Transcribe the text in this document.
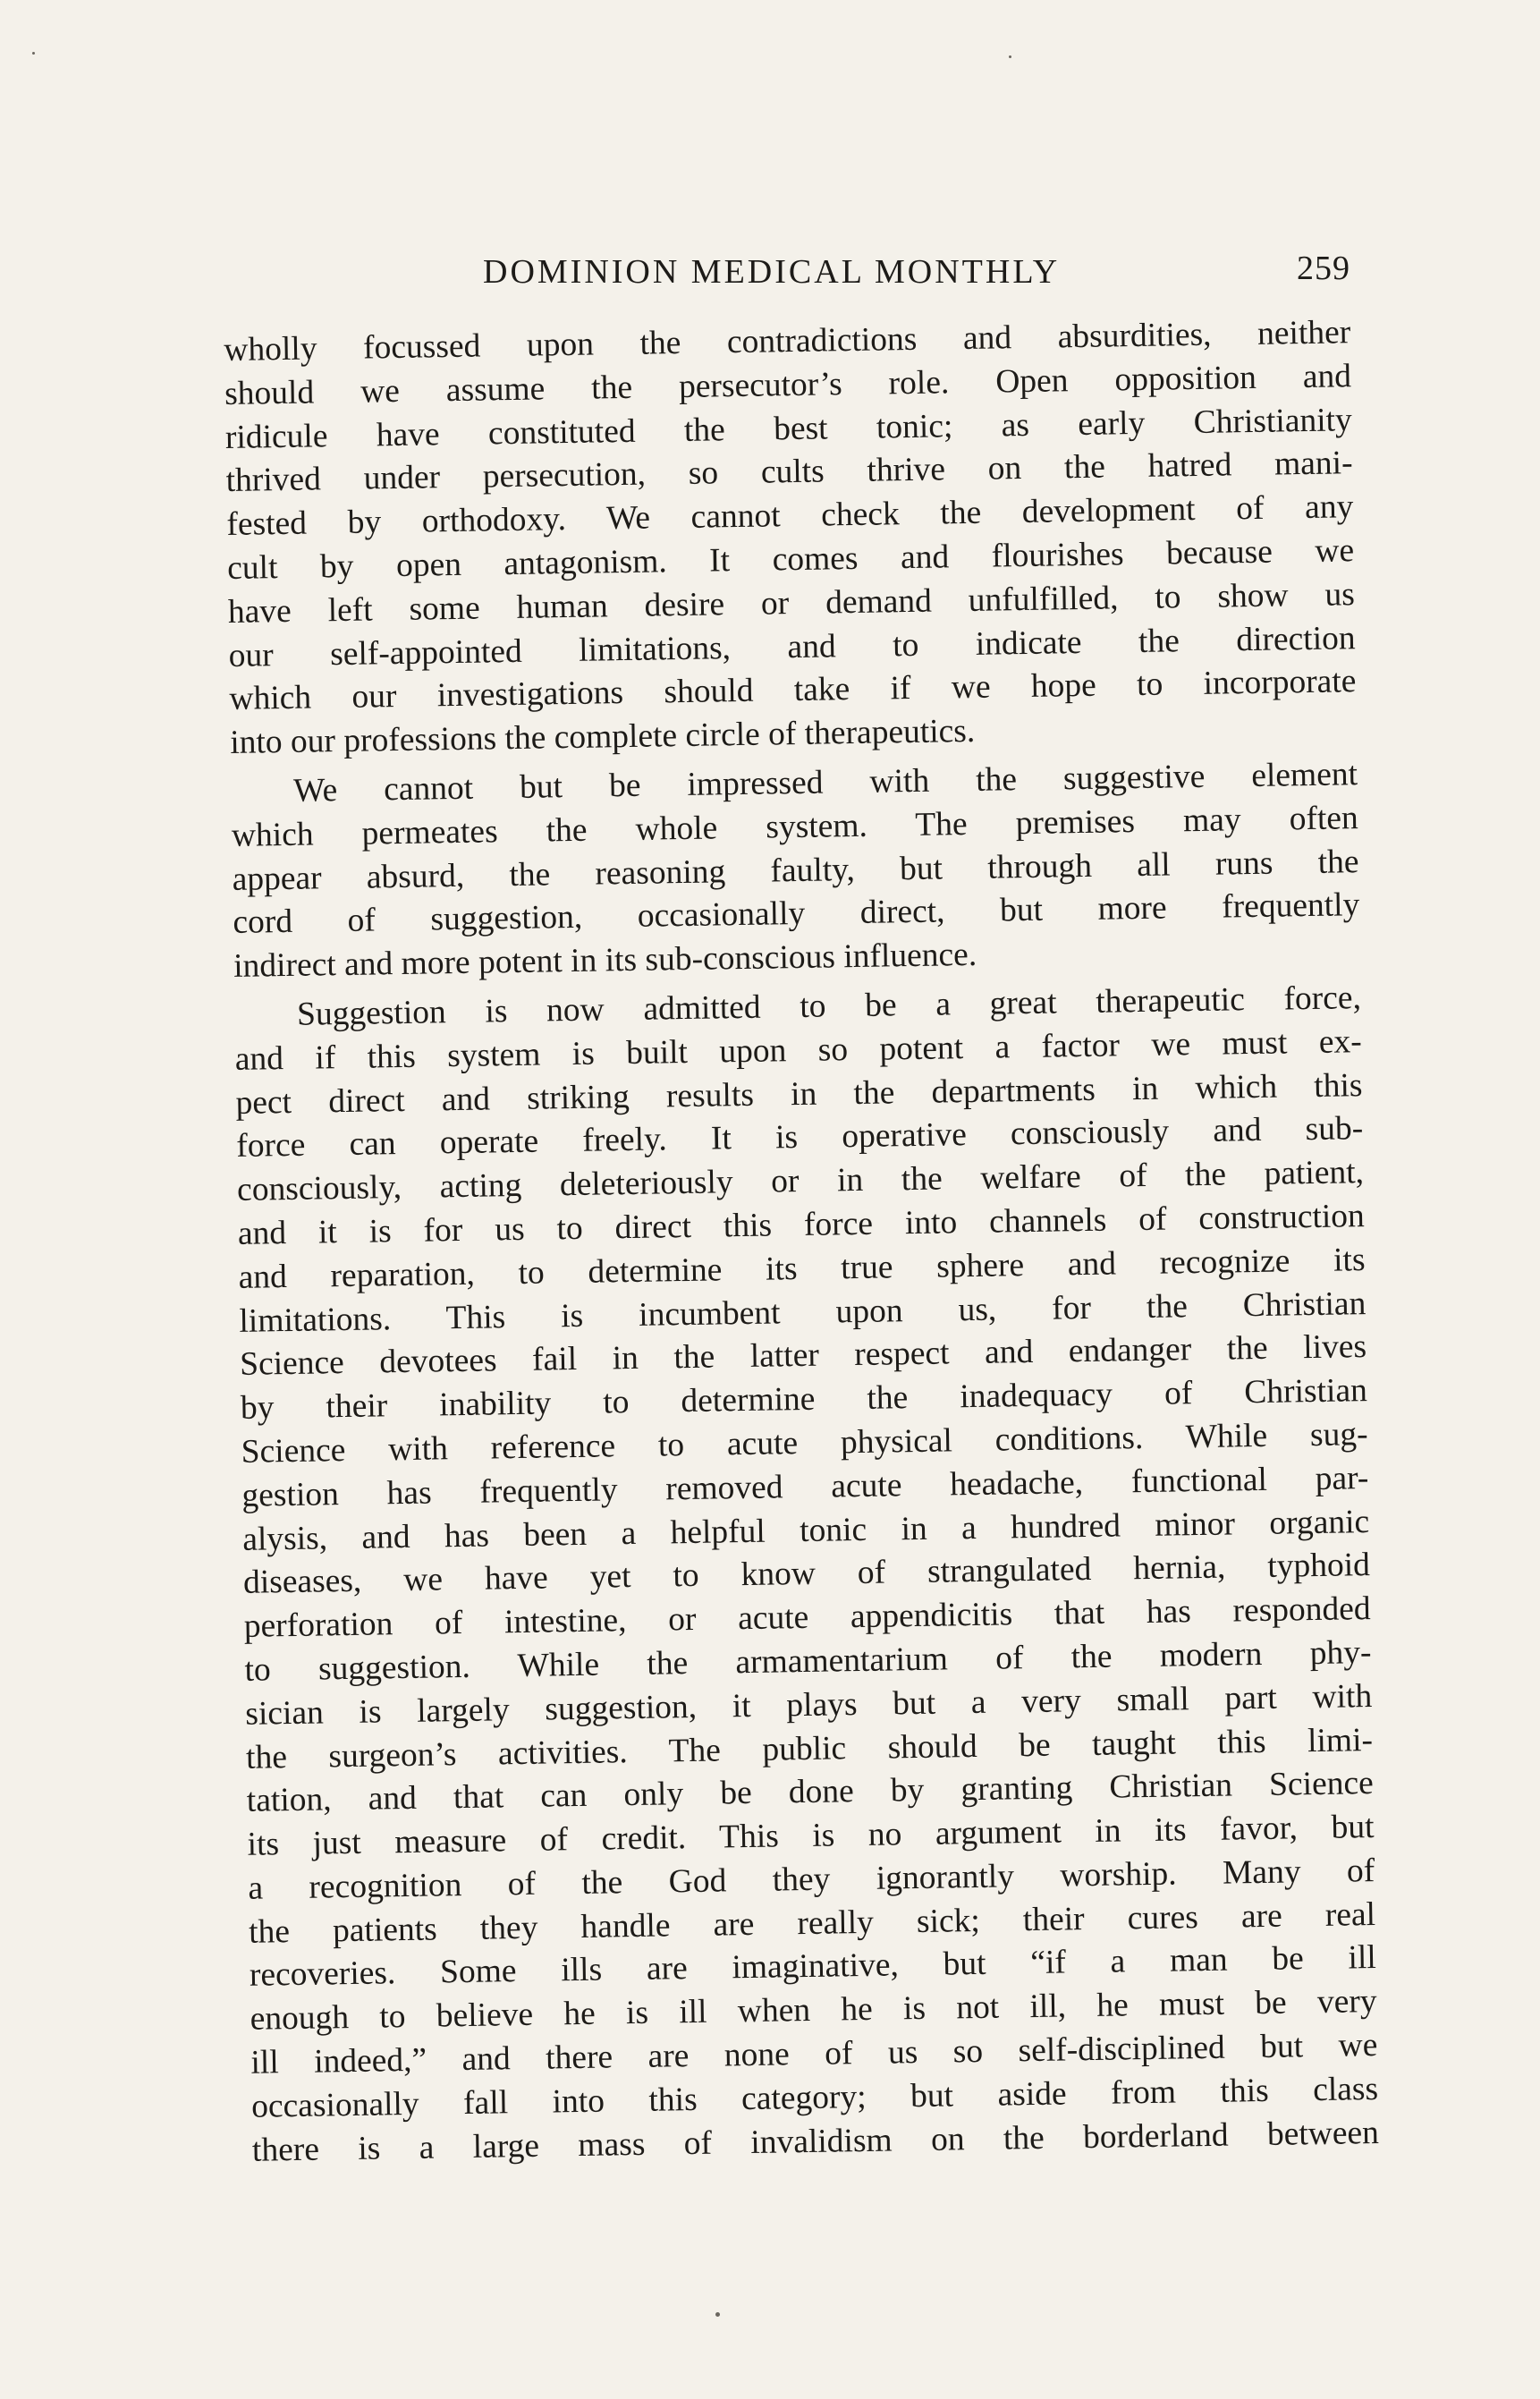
DOMINION MEDICAL MONTHLY	259
wholly focussed upon the contradictions and absurdities, neither
should we assume the persecutor’s role. Open opposition and
ridicule have constituted the best tonic; as early Christianity
thrived under persecution, so cults thrive on the hatred mani-
fested by orthodoxy. We cannot check the development of any
cult by open antagonism. It comes and flourishes because we
have left some human desire or demand unfulfilled, to show us
our self-appointed limitations, and to indicate the direction
which our investigations should take if we hope to incorporate
into our professions the complete circle of therapeutics.
We cannot but be impressed with the suggestive element
which permeates the whole system. The premises may often
appear absurd, the reasoning faulty, but through all runs the
cord of suggestion, occasionally direct, but more frequently
indirect and more potent in its sub-conscious influence.
Suggestion is now admitted to be a great therapeutic force,
and if this system is built upon so potent a factor we must ex-
pect direct and striking results in the departments in which this
force can operate freely. It is operative consciously and sub-
consciously, acting deleteriously or in the welfare of the patient,
and it is for us to direct this force into channels of construction
and reparation, to determine its true sphere and recognize its
limitations. This is incumbent upon us, for the Christian
Science devotees fail in the latter respect and endanger the lives
by their inability to determine the inadequacy of Christian
Science with reference to acute physical conditions. While sug-
gestion has frequently removed acute headache, functional par-
alysis, and has been a helpful tonic in a hundred minor organic
diseases, we have yet to know of strangulated hernia, typhoid
perforation of intestine, or acute appendicitis that has responded
to suggestion. While the armamentarium of the modern phy-
sician is largely suggestion, it plays but a very small part with
the surgeon’s activities. The public should be taught this limi-
tation, and that can only be done by granting Christian Science
its just measure of credit. This is no argument in its favor, but
a recognition of the God they ignorantly worship. Many of
the patients they handle are really sick; their cures are real
recoveries. Some ills are imaginative, but “if a man be ill
enough to believe he is ill when he is not ill, he must be very
ill indeed,” and there are none of us so self-disciplined but we
occasionally fall into this category; but aside from this class
there is a large mass of invalidism on the borderland between
